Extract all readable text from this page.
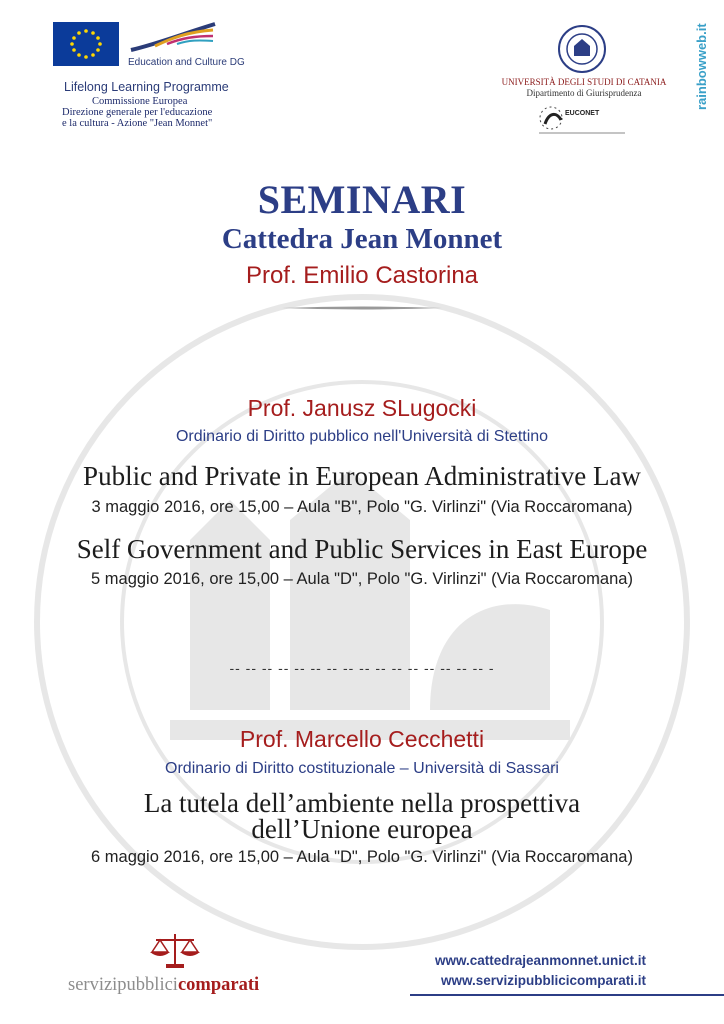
Education and Culture DG
Lifelong Learning Programme
Commissione Europea
Direzione generale per l'educazione
e la cultura - Azione "Jean Monnet"
UNIVERSITÀ DEGLI STUDI DI CATANIA
Dipartimento di Giurisprudenza
EUCONET
rainbowweb.it
SEMINARI
Cattedra Jean Monnet
Prof. Emilio Castorina
Prof. Janusz SLugocki
Ordinario di Diritto pubblico nell'Università di Stettino
Public and Private in European Administrative Law
3 maggio 2016, ore 15,00 – Aula "B", Polo "G. Virlinzi" (Via Roccaromana)
Self Government and Public Services in East Europe
5 maggio 2016, ore 15,00 – Aula "D", Polo "G. Virlinzi" (Via Roccaromana)
-- -- -- -- -- -- -- -- -- -- -- -- -- -- -- -- -
Prof. Marcello Cecchetti
Ordinario di Diritto costituzionale – Università di Sassari
La tutela dell’ambiente nella prospettiva
dell’Unione europea
6 maggio 2016, ore 15,00 – Aula "D", Polo "G. Virlinzi" (Via Roccaromana)
servizipubblicicomparati
www.cattedrajeanmonnet.unict.it
www.servizipubblicicomparati.it
